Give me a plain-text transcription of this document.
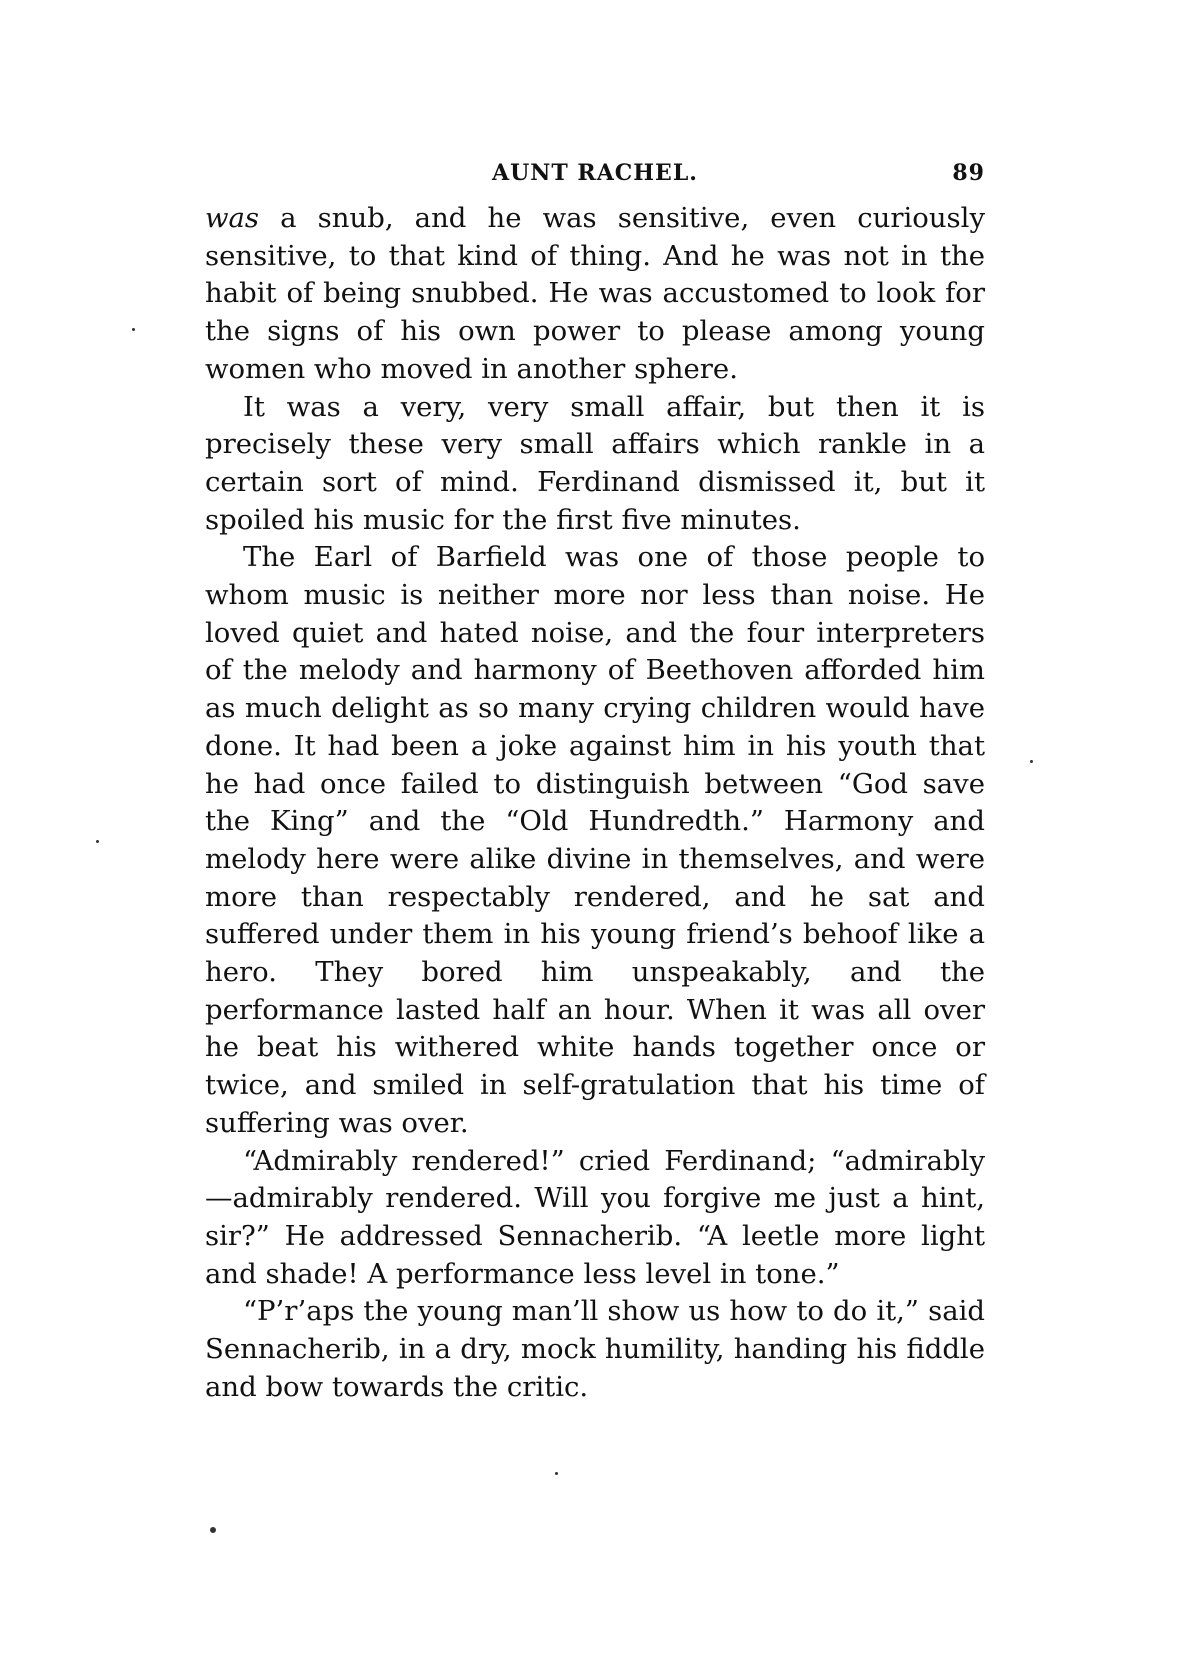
AUNT RACHEL.	89

was a snub, and he was sensitive, even curiously sensitive, to that kind of thing. And he was not in the habit of being snubbed. He was accustomed to look for the signs of his own power to please among young women who moved in another sphere.

It was a very, very small affair, but then it is precisely these very small affairs which rankle in a certain sort of mind. Ferdinand dismissed it, but it spoiled his music for the first five minutes.

The Earl of Barfield was one of those people to whom music is neither more nor less than noise. He loved quiet and hated noise, and the four interpreters of the melody and harmony of Beethoven afforded him as much delight as so many crying children would have done. It had been a joke against him in his youth that he had once failed to distinguish between “God save the King” and the “Old Hundredth.” Harmony and melody here were alike divine in themselves, and were more than respectably rendered, and he sat and suffered under them in his young friend’s behoof like a hero. They bored him unspeakably, and the performance lasted half an hour. When it was all over he beat his withered white hands together once or twice, and smiled in self-gratulation that his time of suffering was over.

“Admirably rendered!” cried Ferdinand; “admirably—admirably rendered. Will you forgive me just a hint, sir?” He addressed Sennacherib. “A leetle more light and shade! A performance less level in tone.”

“P’r’aps the young man’ll show us how to do it,” said Sennacherib, in a dry, mock humility, handing his fiddle and bow towards the critic.
